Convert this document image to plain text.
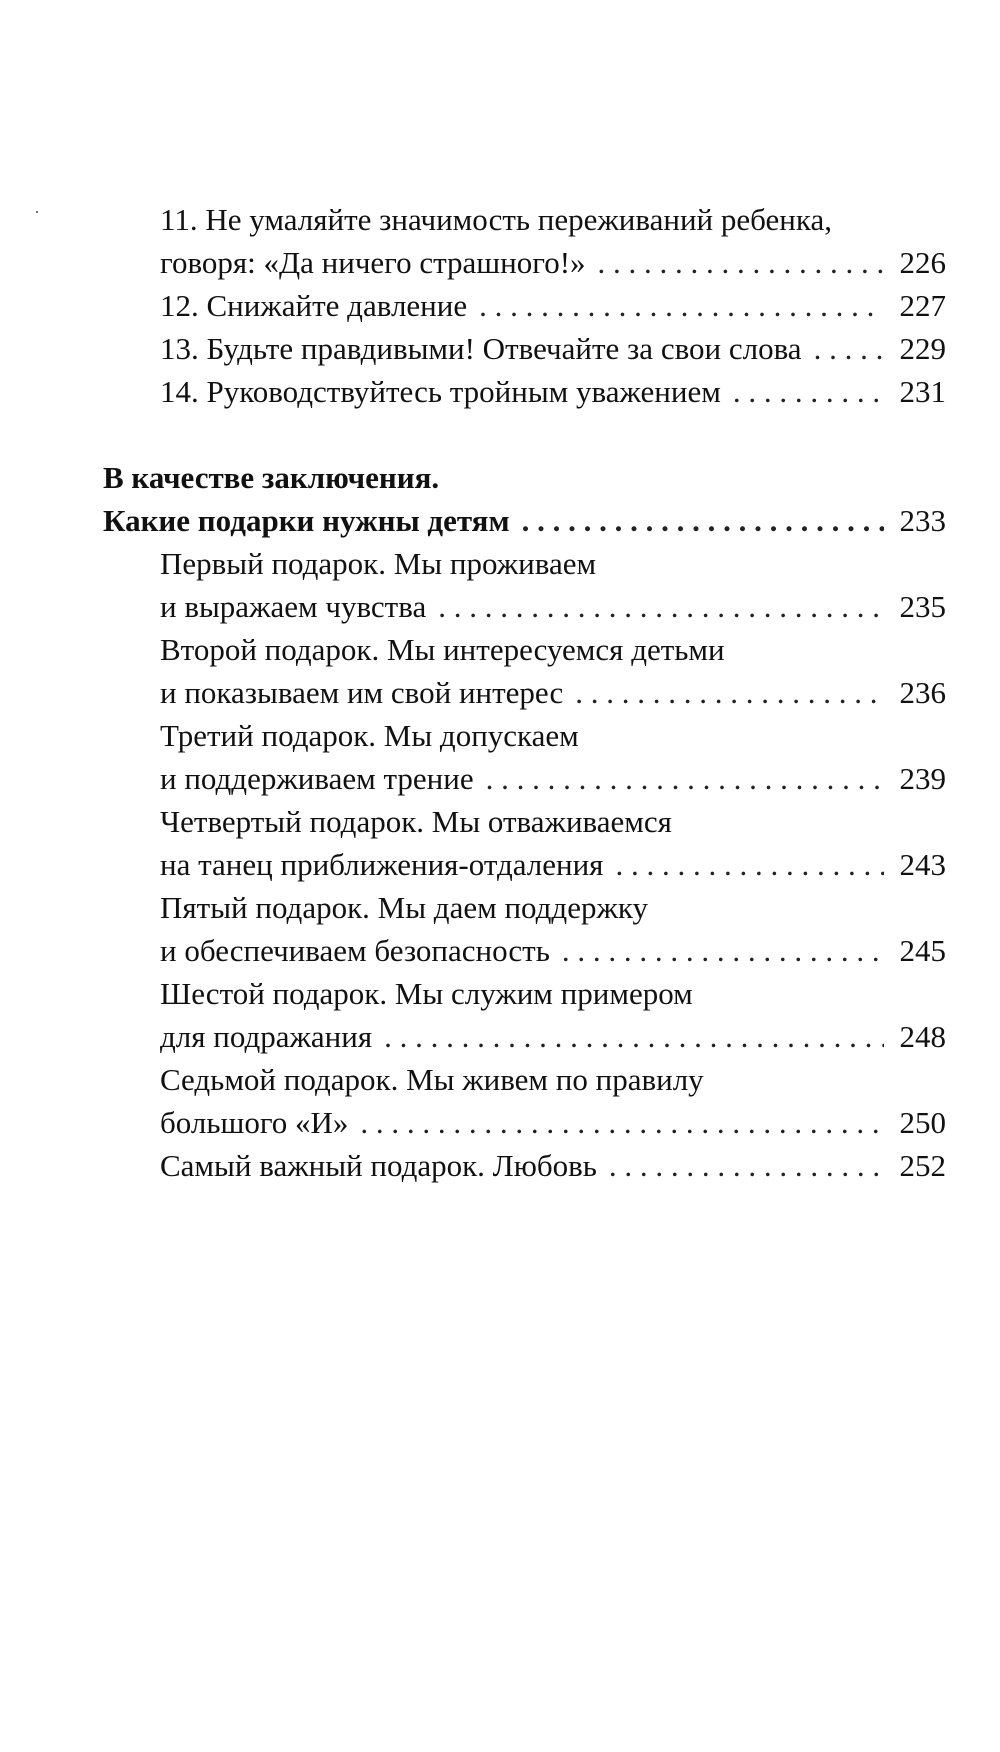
11. Не умаляйте значимость переживаний ребенка,
говоря: «Да ничего страшного!» . . .	226
12. Снижайте давление . . .	227
13. Будьте правдивыми! Отвечайте за свои слова . . .	229
14. Руководствуйтесь тройным уважением . . .	231
В качестве заключения.
Какие подарки нужны детям . . .	233
Первый подарок. Мы проживаем
и выражаем чувства . . .	235
Второй подарок. Мы интересуемся детьми
и показываем им свой интерес . . .	236
Третий подарок. Мы допускаем
и поддерживаем трение . . .	239
Четвертый подарок. Мы отваживаемся
на танец приближения-отдаления . . .	243
Пятый подарок. Мы даем поддержку
и обеспечиваем безопасность . . .	245
Шестой подарок. Мы служим примером
для подражания . . .	248
Седьмой подарок. Мы живем по правилу
большого «И» . . .	250
Самый важный подарок. Любовь . . .	252
